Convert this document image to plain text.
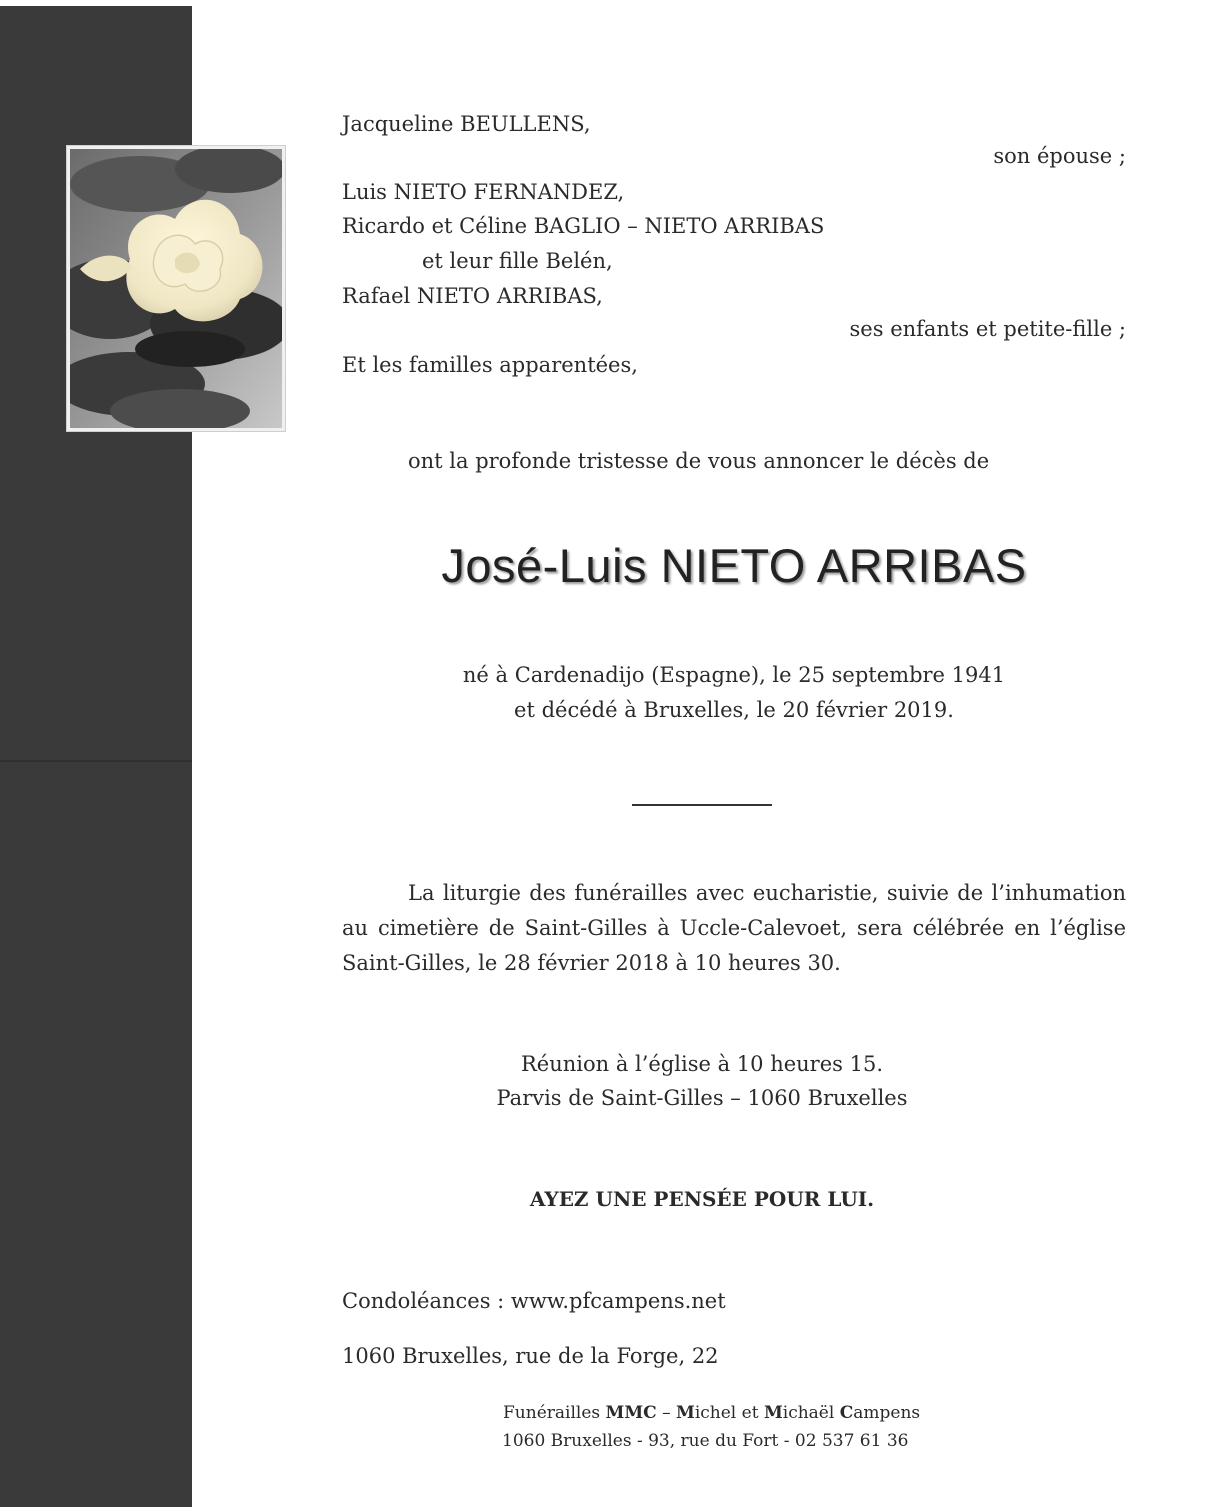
Jacqueline BEULLENS,
son épouse ;
Luis NIETO FERNANDEZ,
Ricardo et Céline BAGLIO – NIETO ARRIBAS
et leur fille Belén,
Rafael NIETO ARRIBAS,
ses enfants et petite-fille ;
Et les familles apparentées,
ont la profonde tristesse de vous annoncer le décès de
José-Luis NIETO ARRIBAS
né à Cardenadijo (Espagne), le 25 septembre 1941
et décédé à Bruxelles, le 20 février 2019.
La liturgie des funérailles avec eucharistie, suivie de l’inhumation au cimetière de Saint-Gilles à Uccle-Calevoet, sera célébrée en l’église Saint-Gilles, le 28 février 2018 à 10 heures 30.
Réunion à l’église à 10 heures 15.
Parvis de Saint-Gilles – 1060 Bruxelles
AYEZ UNE PENSÉE POUR LUI.
Condoléances : www.pfcampens.net
1060 Bruxelles, rue de la Forge, 22
Funérailles MMC – Michel et Michaël Campens
1060 Bruxelles - 93, rue du Fort - 02 537 61 36
